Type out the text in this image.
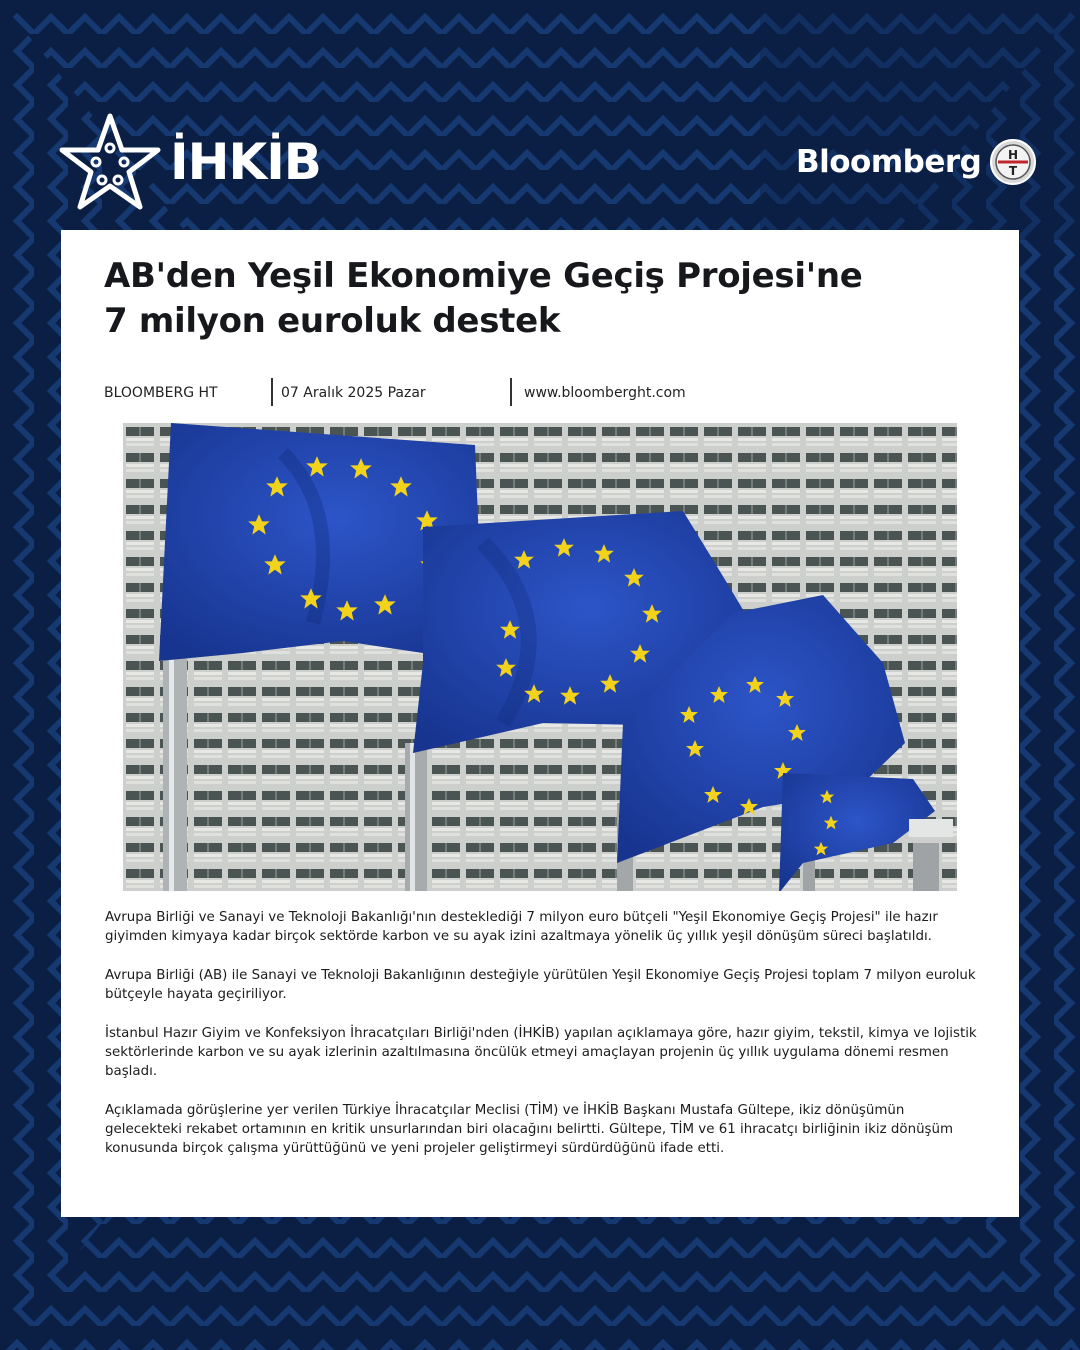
İHKİB	Bloomberg H
T
AB'den Yeşil Ekonomiye Geçiş Projesi'ne
7 milyon euroluk destek
BLOOMBERG HT	07 Aralık 2025 Pazar	www.bloomberght.com

Avrupa Birliği ve Sanayi ve Teknoloji Bakanlığı'nın desteklediği 7 milyon euro bütçeli "Yeşil Ekonomiye Geçiş Projesi" ile hazır giyimden kimyaya kadar birçok sektörde karbon ve su ayak izini azaltmaya yönelik üç yıllık yeşil dönüşüm süreci başlatıldı.

Avrupa Birliği (AB) ile Sanayi ve Teknoloji Bakanlığının desteğiyle yürütülen Yeşil Ekonomiye Geçiş Projesi toplam 7 milyon euroluk bütçeyle hayata geçiriliyor.

İstanbul Hazır Giyim ve Konfeksiyon İhracatçıları Birliği'nden (İHKİB) yapılan açıklamaya göre, hazır giyim, tekstil, kimya ve lojistik sektörlerinde karbon ve su ayak izlerinin azaltılmasına öncülük etmeyi amaçlayan projenin üç yıllık uygulama dönemi resmen başladı.

Açıklamada görüşlerine yer verilen Türkiye İhracatçılar Meclisi (TİM) ve İHKİB Başkanı Mustafa Gültepe, ikiz dönüşümün gelecekteki rekabet ortamının en kritik unsurlarından biri olacağını belirtti. Gültepe, TİM ve 61 ihracatçı birliğinin ikiz dönüşüm konusunda birçok çalışma yürüttüğünü ve yeni projeler geliştirmeyi sürdürdüğünü ifade etti.
